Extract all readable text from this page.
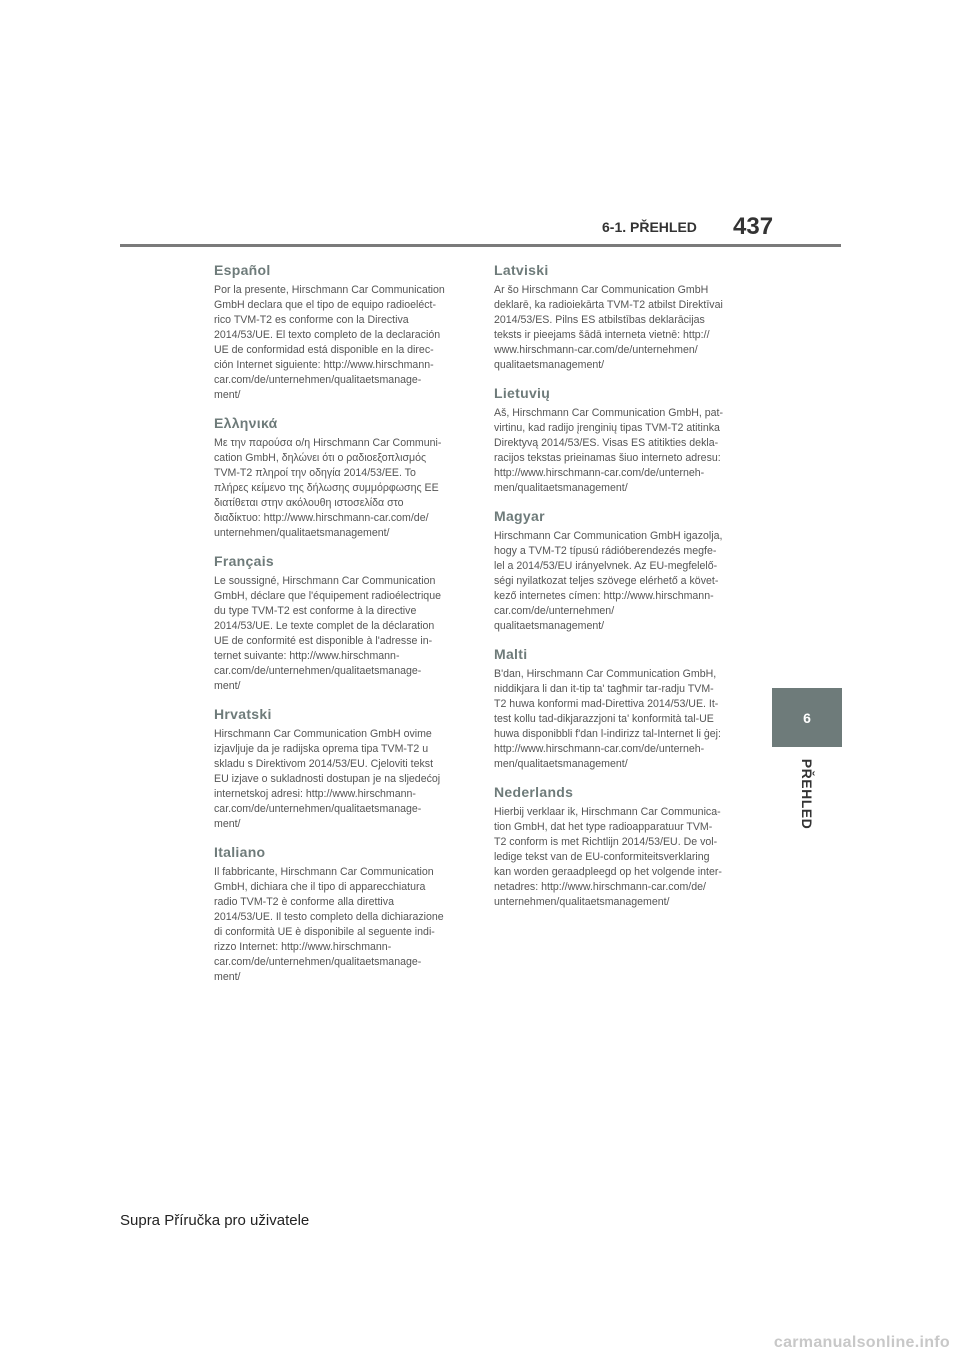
6-1. PŘEHLED 437
6
PŘEHLED
Español

Por la presente, Hirschmann Car Communication
GmbH declara que el tipo de equipo radioeléct-
rico TVM-T2 es conforme con la Directiva
2014/53/UE. El texto completo de la declaración
UE de conformidad está disponible en la direc-
ción Internet siguiente: http://www.hirschmann-
car.com/de/unternehmen/qualitaetsmanage-
ment/

Ελληνικά

Με την παρούσα ο/η Hirschmann Car Communi-
cation GmbH, δηλώνει ότι ο ραδιοεξοπλισμός
TVM-T2 πληροί την οδηγία 2014/53/ΕΕ. Το
πλήρες κείμενο της δήλωσης συμμόρφωσης ΕΕ
διατίθεται στην ακόλουθη ιστοσελίδα στο
διαδίκτυο: http://www.hirschmann-car.com/de/
unternehmen/qualitaetsmanagement/

Français

Le soussigné, Hirschmann Car Communication
GmbH, déclare que l'équipement radioélectrique
du type TVM-T2 est conforme à la directive
2014/53/UE. Le texte complet de la déclaration
UE de conformité est disponible à l'adresse in-
ternet suivante: http://www.hirschmann-
car.com/de/unternehmen/qualitaetsmanage-
ment/

Hrvatski

Hirschmann Car Communication GmbH ovime
izjavljuje da je radijska oprema tipa TVM-T2 u
skladu s Direktivom 2014/53/EU. Cjeloviti tekst
EU izjave o sukladnosti dostupan je na sljedećoj
internetskoj adresi: http://www.hirschmann-
car.com/de/unternehmen/qualitaetsmanage-
ment/

Italiano

Il fabbricante, Hirschmann Car Communication
GmbH, dichiara che il tipo di apparecchiatura
radio TVM-T2 è conforme alla direttiva
2014/53/UE. Il testo completo della dichiarazione
di conformità UE è disponibile al seguente indi-
rizzo Internet: http://www.hirschmann-
car.com/de/unternehmen/qualitaetsmanage-
ment/

Latviski

Ar šo Hirschmann Car Communication GmbH
deklarē, ka radioiekārta TVM-T2 atbilst Direktīvai
2014/53/ES. Pilns ES atbilstības deklarācijas
teksts ir pieejams šādā interneta vietnē: http://
www.hirschmann-car.com/de/unternehmen/
qualitaetsmanagement/

Lietuvių

Aš, Hirschmann Car Communication GmbH, pat-
virtinu, kad radijo įrenginių tipas TVM-T2 atitinka
Direktyvą 2014/53/ES. Visas ES atitikties dekla-
racijos tekstas prieinamas šiuo interneto adresu:
http://www.hirschmann-car.com/de/unterneh-
men/qualitaetsmanagement/

Magyar

Hirschmann Car Communication GmbH igazolja,
hogy a TVM-T2 típusú rádióberendezés megfe-
lel a 2014/53/EU irányelvnek. Az EU-megfelelő-
ségi nyilatkozat teljes szövege elérhető a követ-
kező internetes címen: http://www.hirschmann-
car.com/de/unternehmen/
qualitaetsmanagement/

Malti

B'dan, Hirschmann Car Communication GmbH,
niddikjara li dan it-tip ta' tagħmir tar-radju TVM-
T2 huwa konformi mad-Direttiva 2014/53/UE. It-
test kollu tad-dikjarazzjoni ta' konformità tal-UE
huwa disponibbli f'dan l-indirizz tal-Internet li ġej:
http://www.hirschmann-car.com/de/unterneh-
men/qualitaetsmanagement/

Nederlands

Hierbij verklaar ik, Hirschmann Car Communica-
tion GmbH, dat het type radioapparatuur TVM-
T2 conform is met Richtlijn 2014/53/EU. De vol-
ledige tekst van de EU-conformiteitsverklaring
kan worden geraadpleegd op het volgende inter-
netadres: http://www.hirschmann-car.com/de/
unternehmen/qualitaetsmanagement/

Supra Příručka pro uživatele
carmanualsonline.info
